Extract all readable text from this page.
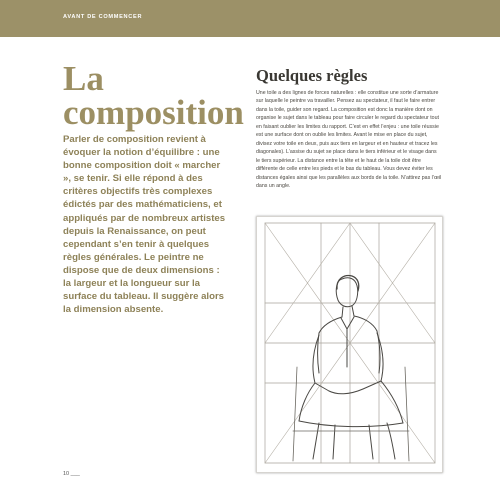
AVANT DE COMMENCER
La
composition

Parler de composition revient à évoquer la notion d’équilibre : une bonne composition doit « marcher », se tenir. Si elle répond à des critères objectifs très complexes édictés par des mathématiciens, et appliqués par de nombreux artistes depuis la Renaissance, on peut cependant s’en tenir à quelques règles générales. Le peintre ne dispose que de deux dimensions : la largeur et la longueur sur la surface du tableau. Il suggère alors la dimension absente.

Quelques règles

Une toile a des lignes de forces naturelles : elle constitue une sorte d’armature sur laquelle le peintre va travailler. Pensez au spectateur, il faut le faire entrer dans la toile, guider son regard. La composition est donc la manière dont on organise le sujet dans le tableau pour faire circuler le regard du spectateur tout en faisant oublier les limites du rapport. C’est en effet l’enjeu : une toile réussie est une surface dont on oublie les limites. Avant le mise en place du sujet, divisez votre toile en deux, puis aux tiers en largeur et en hauteur et tracez les diagonales). L’assise du sujet se place dans le tiers inférieur et le visage dans le tiers supérieur. La distance entre la tête et le haut de la toile doit être différente de celle entre les pieds et le bas du tableau. Vous devez éviter les distances égales ainsi que les parallèles aux bords de la toile. N’attirez pas l’œil dans un angle.

10 ___
